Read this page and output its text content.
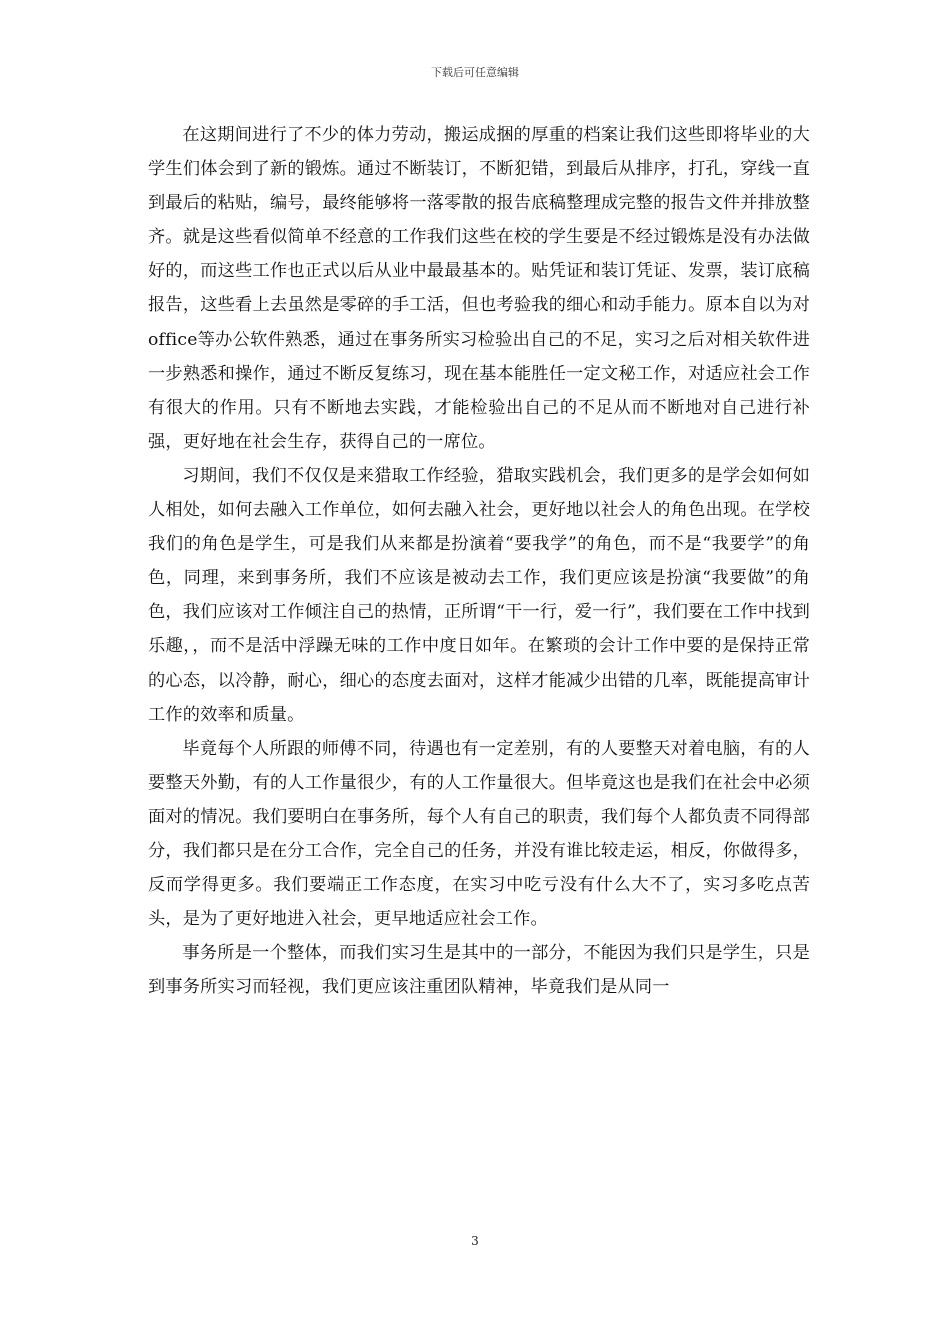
下载后可任意编辑

在这期间进行了不少的体力劳动，搬运成捆的厚重的档案让我们这些即将毕业的大学生们体会到了新的锻炼。通过不断装订，不断犯错，到最后从排序，打孔，穿线一直到最后的粘贴，编号，最终能够将一落零散的报告底稿整理成完整的报告文件并排放整齐。就是这些看似简单不经意的工作我们这些在校的学生要是不经过锻炼是没有办法做好的，而这些工作也正式以后从业中最最基本的。贴凭证和装订凭证、发票，装订底稿报告，这些看上去虽然是零碎的手工活，但也考验我的细心和动手能力。原本自以为对office等办公软件熟悉，通过在事务所实习检验出自己的不足，实习之后对相关软件进一步熟悉和操作，通过不断反复练习，现在基本能胜任一定文秘工作，对适应社会工作有很大的作用。只有不断地去实践，才能检验出自己的不足从而不断地对自己进行补强，更好地在社会生存，获得自己的一席位。

习期间，我们不仅仅是来猎取工作经验，猎取实践机会，我们更多的是学会如何如人相处，如何去融入工作单位，如何去融入社会，更好地以社会人的角色出现。在学校我们的角色是学生，可是我们从来都是扮演着“要我学”的角色，而不是“我要学”的角色，同理，来到事务所，我们不应该是被动去工作，我们更应该是扮演“我要做”的角色，我们应该对工作倾注自己的热情，正所谓“干一行，爱一行”，我们要在工作中找到乐趣，，而不是活中浮躁无味的工作中度日如年。在繁琐的会计工作中要的是保持正常的心态，以冷静，耐心，细心的态度去面对，这样才能减少出错的几率，既能提高审计工作的效率和质量。

毕竟每个人所跟的师傅不同，待遇也有一定差别，有的人要整天对着电脑，有的人要整天外勤，有的人工作量很少，有的人工作量很大。但毕竟这也是我们在社会中必须面对的情况。我们要明白在事务所，每个人有自己的职责，我们每个人都负责不同得部分，我们都只是在分工合作，完全自己的任务，并没有谁比较走运，相反，你做得多，反而学得更多。我们要端正工作态度，在实习中吃亏没有什么大不了，实习多吃点苦头，是为了更好地进入社会，更早地适应社会工作。

事务所是一个整体，而我们实习生是其中的一部分，不能因为我们只是学生，只是到事务所实习而轻视，我们更应该注重团队精神，毕竟我们是从同一

3
